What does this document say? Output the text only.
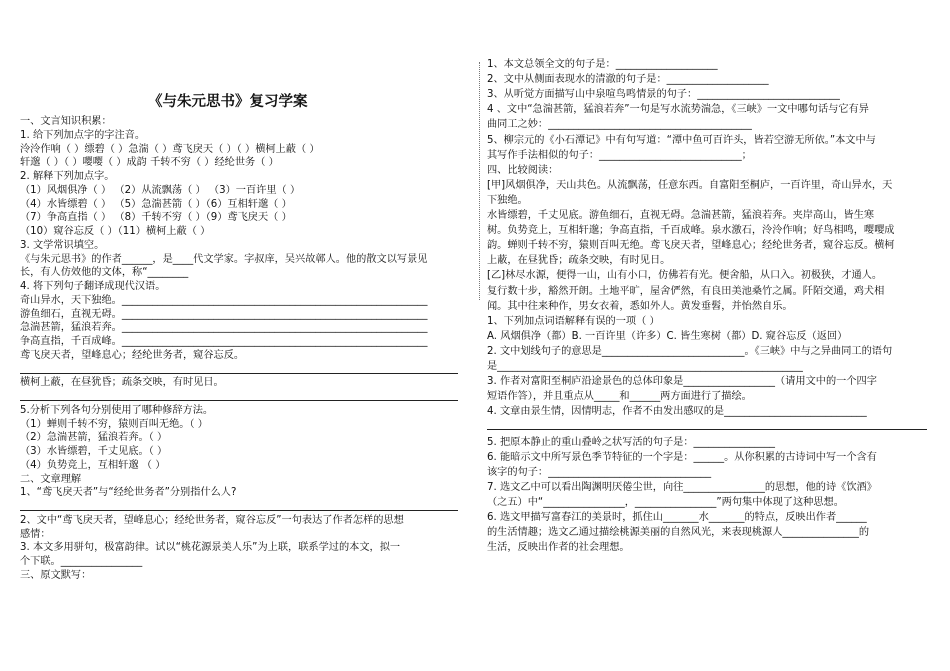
《与朱元思书》复习学案
一、文言知识积累：
1. 给下列加点字的字注音。
泠泠作响（ ）缥碧（ ）急湍（ ）鸢飞戾天（ ）（ ）横柯上蔽（ ）
轩邈（ ）（ ）嘤嘤（ ）成韵 千转不穷（ ）经纶世务（ ）
2. 解释下列加点字。
（1）风烟俱净（ ） （2）从流飘荡（ ） （3）一百许里（ ）
（4）水皆缥碧（ ） （5）急湍甚箭（ ）（6）互相轩邈（ ）
（7）争高直指（ ） （8）千转不穷（ ）（9）鸢飞戾天（ ）
（10）窥谷忘反（ ）（11）横柯上蔽（ ）
3. 文学常识填空。
《与朱元思书》的作者______，是____代文学家。字叔庠，吴兴故鄣人。他的散文以写景见
长，有人仿效他的文体，称“________
4. 将下列句子翻译成现代汉语。
奇山异水，天下独绝。____________________________________________________________
游鱼细石，直视无碍。____________________________________________________________
急湍甚箭，猛浪若奔。____________________________________________________________
争高直指，千百成峰。____________________________________________________________
鸢飞戾天者，望峰息心；经纶世务者，窥谷忘反。
横柯上蔽，在昼犹昏；疏条交映，有时见日。
5.分析下列各句分别使用了哪种修辞方法。
（1）蝉则千转不穷，猿则百叫无绝。（ ）
（2）急湍甚箭，猛浪若奔。（ ）
（3）水皆缥碧，千丈见底。（ ）
（4）负势竞上，互相轩邈 （ ）
二、文章理解
1、“鸢飞戾天者”与“经纶世务者”分别指什么人?
2、文中“鸢飞戾天者，望峰息心；经纶世务者，窥谷忘反”一句表达了作者怎样的思想
感情：
3. 本文多用骈句，极富韵律。试以“桃花源景美人乐”为上联，联系学过的本文，拟一
个下联。________________
三、原文默写：
1、本文总领全文的句子是：____________________
2、文中从侧面表现水的清澈的句子是：____________________
3、从听觉方面描写山中泉喧鸟鸣情景的句子：____________________________
4 、文中“急湍甚箭，猛浪若奔”一句是写水流势湍急，《三峡》一文中哪句话与它有异
曲同工之妙：________________________________________
5、柳宗元的《小石潭记》中有句写道：“潭中鱼可百许头，皆若空游无所依。”本文中与
其写作手法相似的句子：____________________________；
四、比较阅读：
[甲]风烟俱净，天山共色。从流飘荡，任意东西。自富阳至桐庐，一百许里，奇山异水，天
下独绝。
水皆缥碧，千丈见底。游鱼细石，直视无碍。急湍甚箭，猛浪若奔。夹岸高山，皆生寒
树。负势竞上，互相轩邈；争高直指，千百成峰。泉水激石，泠泠作响；好鸟相鸣，嘤嘤成
韵。蝉则千转不穷，猿则百叫无绝。鸢飞戾天者，望峰息心；经纶世务者，窥谷忘反。横柯
上蔽，在昼犹昏；疏条交映，有时见日。
[乙]林尽水源，便得一山，山有小口，仿佛若有光。便舍船，从口入。初极狭，才通人。
复行数十步，豁然开朗。土地平旷，屋舍俨然，有良田美池桑竹之属。阡陌交通，鸡犬相
闻。其中往来种作，男女衣着，悉如外人。黄发垂髫，并怡然自乐。
1、下列加点词语解释有误的一项（ ）
A. 风烟俱净（都）B. 一百许里（许多）C. 皆生寒树（都）D. 窥谷忘反（返回）
2. 文中划线句子的意思是____________________________。《三峡》中与之异曲同工的语句
是____________________________________________________________
3. 作者对富阳至桐庐沿途景色的总体印象是__________________（请用文中的一个四字
短语作答），并且重点从_____和______两方面进行了描绘。
4. 文章由景生情，因情明志，作者不由发出感叹的是____________________________
5. 把原本静止的重山叠岭之状写活的句子是：________________
6. 能暗示文中所写景色季节特征的一个字是：______。从你积累的古诗词中写一个含有
该字的句子：________________________________
7. 选文乙中可以看出陶渊明厌倦尘世，向往________________的思想，他的诗《饮酒》
（之五）中“________________，________________”两句集中体现了这种思想。
6. 选文甲描写富春江的美景时，抓住山_______水_______的特点，反映出作者______
的生活情趣；选文乙通过描绘桃源美丽的自然风光，来表现桃源人_______________的
生活，反映出作者的社会理想。
